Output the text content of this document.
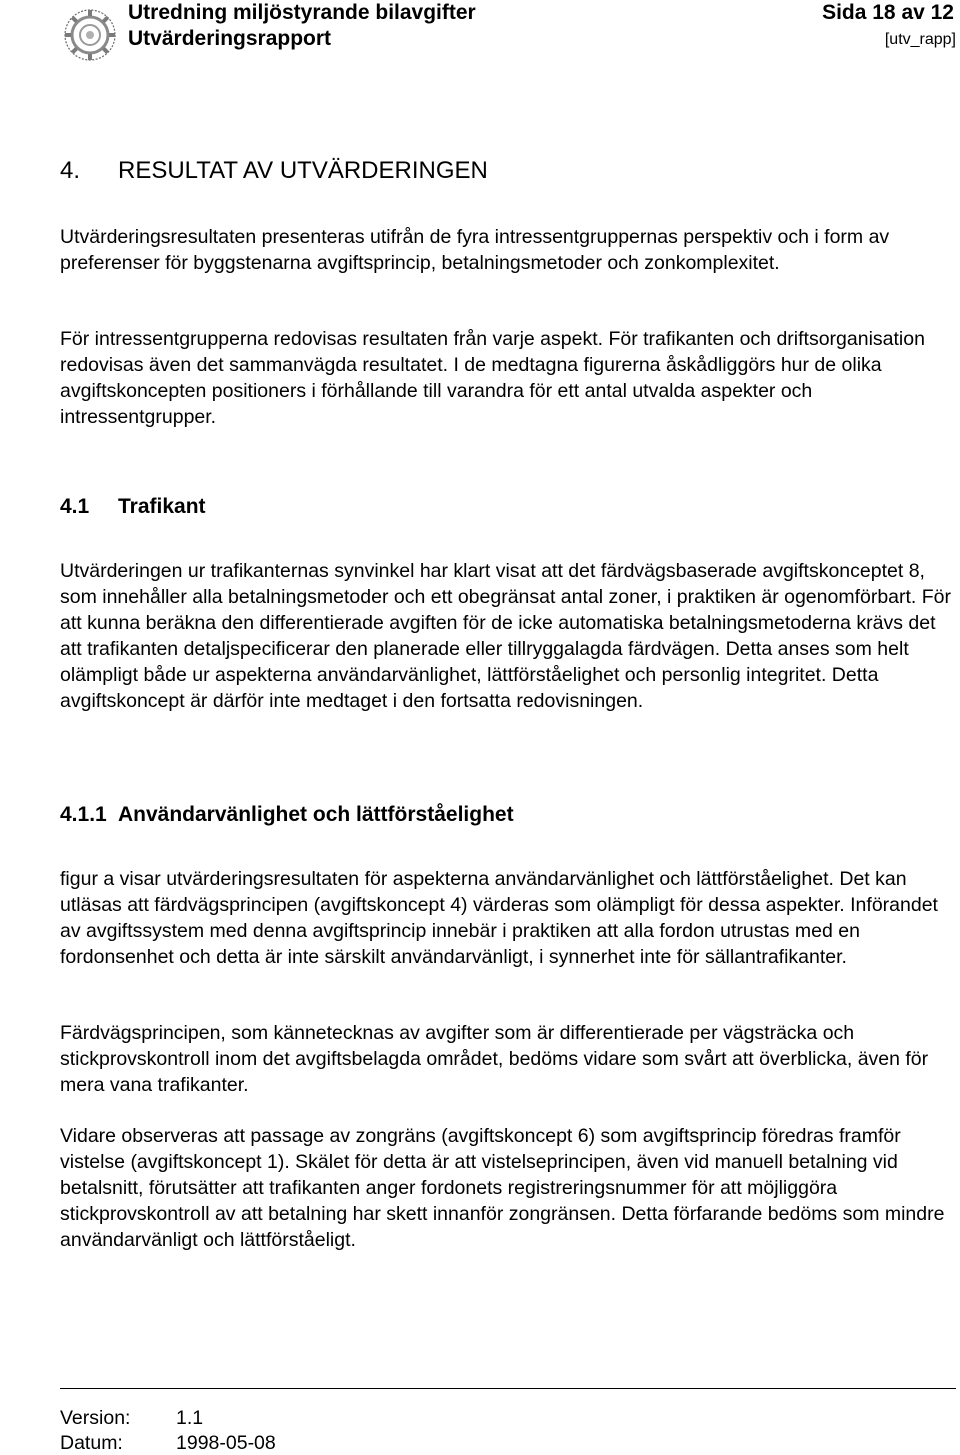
Utredning miljöstyrande bilavgifter
Utvärderingsrapport
Sida 18 av 12
[utv_rapp]
4. RESULTAT AV UTVÄRDERINGEN

Utvärderingsresultaten presenteras utifrån de fyra intressentgruppernas perspektiv och i form av preferenser för byggstenarna avgiftsprincip, betalningsmetoder och zonkomplexitet.

För intressentgrupperna redovisas resultaten från varje aspekt. För trafikanten och driftsorganisation redovisas även det sammanvägda resultatet. I de medtagna figurerna åskådliggörs hur de olika avgiftskoncepten positioners i förhållande till varandra för ett antal utvalda aspekter och intressentgrupper.

4.1 Trafikant

Utvärderingen ur trafikanternas synvinkel har klart visat att det färdvägsbaserade avgiftskonceptet 8, som innehåller alla betalningsmetoder och ett obegränsat antal zoner, i praktiken är ogenomförbart. För att kunna beräkna den differentierade avgiften för de icke automatiska betalningsmetoderna krävs det att trafikanten detaljspecificerar den planerade eller tillryggalagda färdvägen. Detta anses som helt olämpligt både ur aspekterna användarvänlighet, lättförståelighet och personlig integritet. Detta avgiftskoncept är därför inte medtaget i den fortsatta redovisningen.

4.1.1 Användarvänlighet och lättförståelighet

figur a visar utvärderingsresultaten för aspekterna användarvänlighet och lättförståelighet. Det kan utläsas att färdvägsprincipen (avgiftskoncept 4) värderas som olämpligt för dessa aspekter. Införandet av avgiftssystem med denna avgiftsprincip innebär i praktiken att alla fordon utrustas med en fordonsenhet och detta är inte särskilt användarvänligt, i synnerhet inte för sällantrafikanter.

Färdvägsprincipen, som kännetecknas av avgifter som är differentierade per vägsträcka och stickprovskontroll inom det avgiftsbelagda området, bedöms vidare som svårt att överblicka, även för mera vana trafikanter.

Vidare observeras att passage av zongräns (avgiftskoncept 6) som avgiftsprincip föredras framför vistelse (avgiftskoncept 1). Skälet för detta är att vistelseprincipen, även vid manuell betalning vid betalsnitt, förutsätter att trafikanten anger fordonets registreringsnummer för att möjliggöra stickprovskontroll av att betalning har skett innanför zongränsen. Detta förfarande bedöms som mindre användarvänligt och lättförståeligt.

Version: 1.1
Datum:	1998-05-08
